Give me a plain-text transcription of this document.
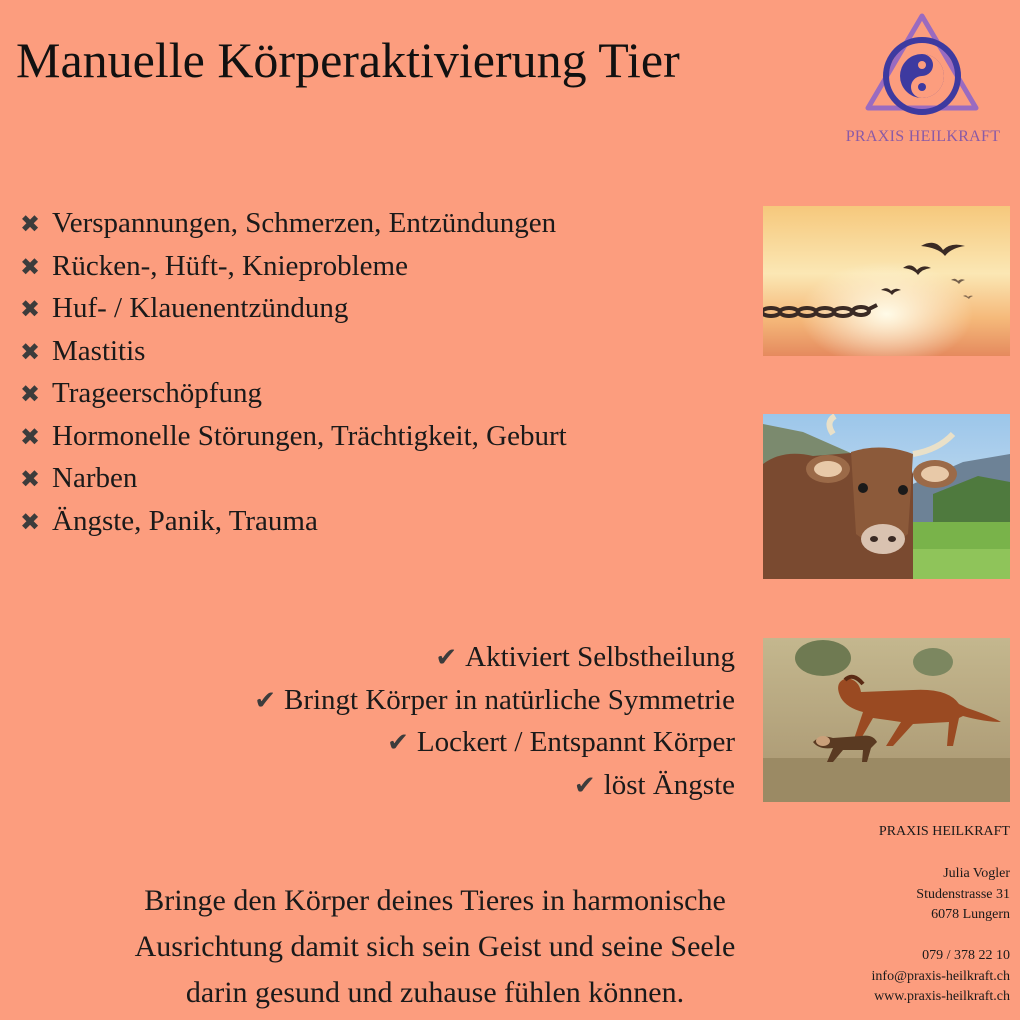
Manuelle Körperaktivierung Tier
PRAXIS HEILKRAFT
✖ Verspannungen, Schmerzen, Entzündungen
✖ Rücken-, Hüft-, Knieprobleme
✖ Huf- / Klauenentzündung
✖ Mastitis
✖ Trageerschöpfung
✖ Hormonelle Störungen, Trächtigkeit, Geburt
✖ Narben
✖ Ängste, Panik, Trauma
✔ Aktiviert Selbstheilung
✔ Bringt Körper in natürliche Symmetrie
✔ Lockert / Entspannt Körper
✔ löst Ängste
Bringe den Körper deines Tieres in harmonische
Ausrichtung damit sich sein Geist und seine Seele
darin gesund und zuhause fühlen können.
PRAXIS HEILKRAFT
Julia Vogler
Studenstrasse 31
6078 Lungern
079 / 378 22 10
info@praxis-heilkraft.ch
www.praxis-heilkraft.ch
